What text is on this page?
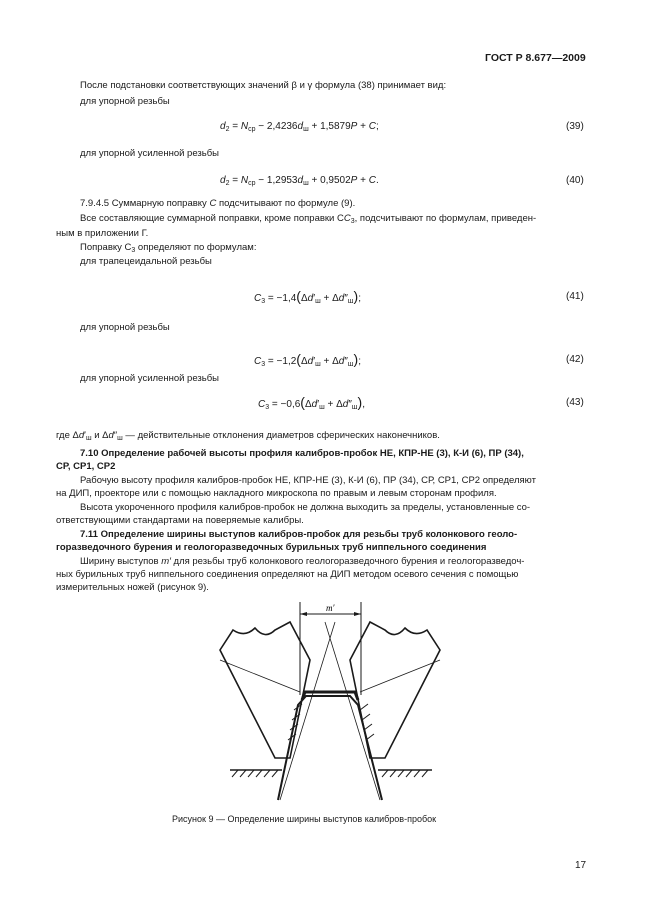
ГОСТ Р 8.677—2009
После подстановки соответствующих значений β и γ формула (38) принимает вид:
для упорной резьбы
$d_2 = N_{ср} - 2,4236d_ш + 1,5879P + C$;	(39)
для упорной усиленной резьбы
$d_2 = N_{ср} - 1,2953d_ш + 0,9502P + C$.	(40)
7.9.4.5 Суммарную поправку C подсчитывают по формуле (9).
Все составляющие суммарной поправки, кроме поправки $CC_3$, подсчитывают по формулам, приведен-
ным в приложении Г.
Поправку $C_3$ определяют по формулам:
для трапецеидальной резьбы
$C_3 = -1,4(\Delta d'_ш + \Delta d''_ш)$;	(41)
для упорной резьбы
$C_3 = -1,2(\Delta d'_ш + \Delta d''_ш)$;	(42)
для упорной усиленной резьбы
$C_3 = -0,6(\Delta d'_ш + \Delta d''_ш)$,	(43)
где $\Delta d'_ш$ и $\Delta d''_ш$ — действительные отклонения диаметров сферических наконечников.
7.10 Определение рабочей высоты профиля калибров-пробок НЕ, КПР-НЕ (3), К-И (6), ПР (34),
СР, СР1, СР2
Рабочую высоту профиля калибров-пробок НЕ, КПР-НЕ (3), К-И (6), ПР (34), СР, СР1, СР2 определяют
на ДИП, проекторе или с помощью накладного микроскопа по правым и левым сторонам профиля.
Высота укороченного профиля калибров-пробок не должна выходить за пределы, установленные со-
ответствующими стандартами на поверяемые калибры.
7.11 Определение ширины выступов калибров-пробок для резьбы труб колонкового геоло-
горазведочного бурения и геологоразведочных бурильных труб ниппельного соединения
Ширину выступов m′ для резьбы труб колонкового геологоразведочного бурения и геологоразведоч-
ных бурильных труб ниппельного соединения определяют на ДИП методом осевого сечения с помощью
измерительных ножей (рисунок 9).
m′
Рисунок 9 — Определение ширины выступов калибров-пробок
17
